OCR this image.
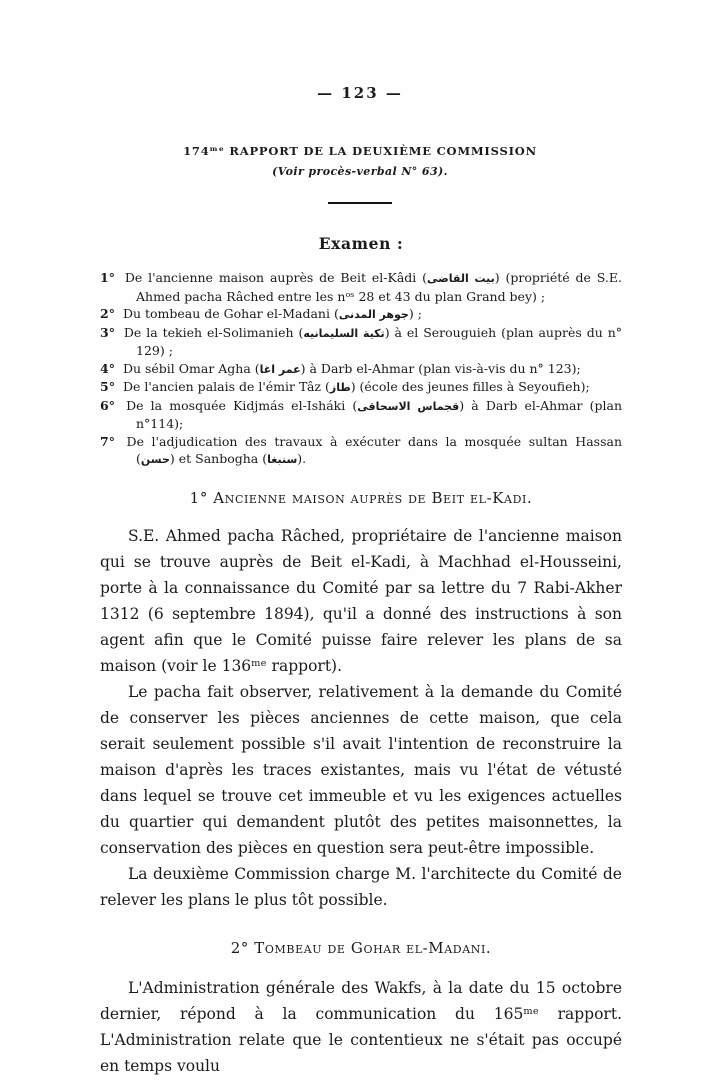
— 123 —
174ᵐᵉ RAPPORT DE LA DEUXIÈME COMMISSION
(Voir procès-verbal N° 63).
Examen :
1° De l'ancienne maison auprès de Beit el-Kâdi (بيت القاضى) (propriété de S.E. Ahmed pacha Râched entre les nᵒˢ 28 et 43 du plan Grand bey) ;
2° Du tombeau de Gohar el-Madani (جوهر المدنى) ;
3° De la tekieh el-Solimanieh (تكية السليمانيه) à el Serouguieh (plan auprès du n° 129) ;
4° Du sébil Omar Agha (عمر اغا) à Darb el-Ahmar (plan vis-à-vis du n° 123);
5° De l'ancien palais de l'émir Tâz (طاز) (école des jeunes filles à Seyoufieh);
6° De la mosquée Kidjmás el-Isháki (قجماس الاسحاقى) à Darb el-Ahmar (plan n°114);
7° De l'adjudication des travaux à exécuter dans la mosquée sultan Hassan (حسن) et Sanbogha (سنبغا).
1° Ancienne maison auprès de Beit el-Kadi.

S.E. Ahmed pacha Râched, propriétaire de l'ancienne maison qui se trouve auprès de Beit el-Kadi, à Machhad el-Housseini, porte à la connaissance du Comité par sa lettre du 7 Rabi-Akher 1312 (6 septembre 1894), qu'il a donné des instructions à son agent afin que le Comité puisse faire relever les plans de sa maison (voir le 136ᵐᵉ rapport).

Le pacha fait observer, relativement à la demande du Comité de conserver les pièces anciennes de cette maison, que cela serait seulement possible s'il avait l'intention de reconstruire la maison d'après les traces existantes, mais vu l'état de vétusté dans lequel se trouve cet immeuble et vu les exigences actuelles du quartier qui demandent plutôt des petites maisonnettes, la conservation des pièces en question sera peut-être impossible.

La deuxième Commission charge M. l'architecte du Comité de relever les plans le plus tôt possible.

2° Tombeau de Gohar el-Madani.

L'Administration générale des Wakfs, à la date du 15 octobre dernier, répond à la communication du 165ᵐᵉ rapport. L'Administration relate que le contentieux ne s'était pas occupé en temps voulu
